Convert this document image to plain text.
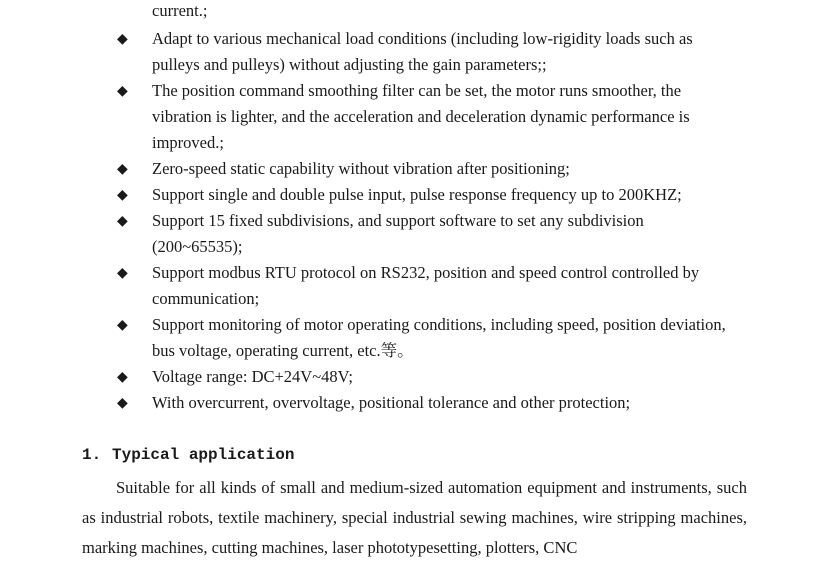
current.;
◆ Adapt to various mechanical load conditions (including low-rigidity loads such as pulleys and pulleys) without adjusting the gain parameters;;
◆ The position command smoothing filter can be set, the motor runs smoother, the vibration is lighter, and the acceleration and deceleration dynamic performance is improved.;
◆ Zero-speed static capability without vibration after positioning;
◆ Support single and double pulse input, pulse response frequency up to 200KHZ;
◆ Support 15 fixed subdivisions, and support software to set any subdivision (200~65535);
◆ Support modbus RTU protocol on RS232, position and speed control controlled by communication;
◆ Support monitoring of motor operating conditions, including speed, position deviation, bus voltage, operating current, etc.等。
◆ Voltage range: DC+24V~48V;
◆ With overcurrent, overvoltage, positional tolerance and other protection;
1. Typical application
Suitable for all kinds of small and medium-sized automation equipment and instruments, such as industrial robots, textile machinery, special industrial sewing machines, wire stripping machines, marking machines, cutting machines, laser phototypesetting, plotters, CNC
